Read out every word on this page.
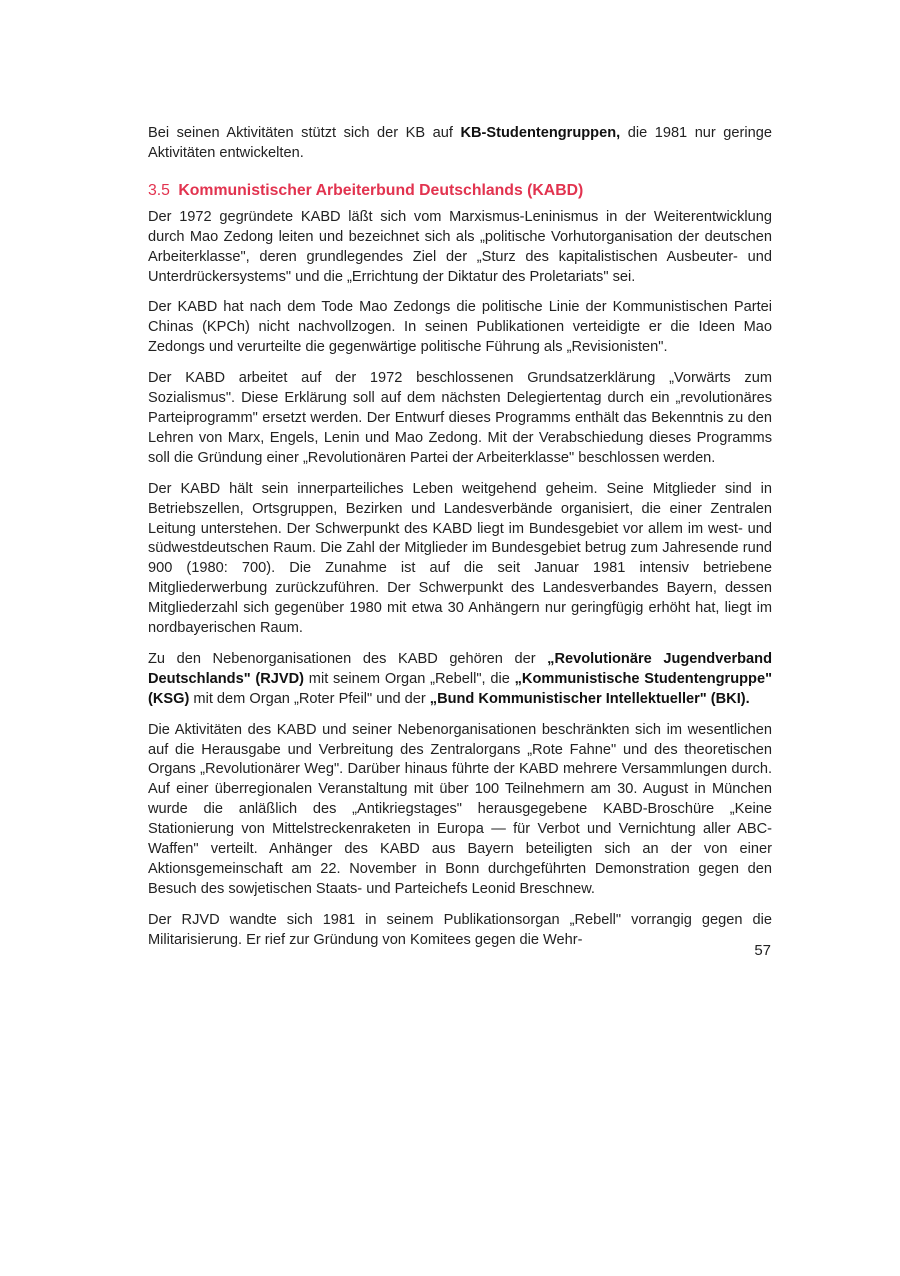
Bei seinen Aktivitäten stützt sich der KB auf KB-Studentengruppen, die 1981 nur geringe Aktivitäten entwickelten.

3.5 Kommunistischer Arbeiterbund Deutschlands (KABD)

Der 1972 gegründete KABD läßt sich vom Marxismus-Leninismus in der Weiterentwicklung durch Mao Zedong leiten und bezeichnet sich als „politische Vorhutorganisation der deutschen Arbeiterklasse", deren grundlegendes Ziel der „Sturz des kapitalistischen Ausbeuter- und Unterdrückersystems" und die „Errichtung der Diktatur des Proletariats" sei.

Der KABD hat nach dem Tode Mao Zedongs die politische Linie der Kommunistischen Partei Chinas (KPCh) nicht nachvollzogen. In seinen Publikationen verteidigte er die Ideen Mao Zedongs und verurteilte die gegenwärtige politische Führung als „Revisionisten".

Der KABD arbeitet auf der 1972 beschlossenen Grundsatzerklärung „Vorwärts zum Sozialismus". Diese Erklärung soll auf dem nächsten Delegiertentag durch ein „revolutionäres Parteiprogramm" ersetzt werden. Der Entwurf dieses Programms enthält das Bekenntnis zu den Lehren von Marx, Engels, Lenin und Mao Zedong. Mit der Verabschiedung dieses Programms soll die Gründung einer „Revolutionären Partei der Arbeiterklasse" beschlossen werden.

Der KABD hält sein innerparteiliches Leben weitgehend geheim. Seine Mitglieder sind in Betriebszellen, Ortsgruppen, Bezirken und Landesverbände organisiert, die einer Zentralen Leitung unterstehen. Der Schwerpunkt des KABD liegt im Bundesgebiet vor allem im west- und südwestdeutschen Raum. Die Zahl der Mitglieder im Bundesgebiet betrug zum Jahresende rund 900 (1980: 700). Die Zunahme ist auf die seit Januar 1981 intensiv betriebene Mitgliederwerbung zurückzuführen. Der Schwerpunkt des Landesverbandes Bayern, dessen Mitgliederzahl sich gegenüber 1980 mit etwa 30 Anhängern nur geringfügig erhöht hat, liegt im nordbayerischen Raum.

Zu den Nebenorganisationen des KABD gehören der „Revolutionäre Jugendverband Deutschlands" (RJVD) mit seinem Organ „Rebell", die „Kommunistische Studentengruppe" (KSG) mit dem Organ „Roter Pfeil" und der „Bund Kommunistischer Intellektueller" (BKI).

Die Aktivitäten des KABD und seiner Nebenorganisationen beschränkten sich im wesentlichen auf die Herausgabe und Verbreitung des Zentralorgans „Rote Fahne" und des theoretischen Organs „Revolutionärer Weg". Darüber hinaus führte der KABD mehrere Versammlungen durch. Auf einer überregionalen Veranstaltung mit über 100 Teilnehmern am 30. August in München wurde die anläßlich des „Antikriegstages" herausgegebene KABD-Broschüre „Keine Stationierung von Mittelstreckenraketen in Europa — für Verbot und Vernichtung aller ABC-Waffen" verteilt. Anhänger des KABD aus Bayern beteiligten sich an der von einer Aktionsgemeinschaft am 22. November in Bonn durchgeführten Demonstration gegen den Besuch des sowjetischen Staats- und Parteichefs Leonid Breschnew.

Der RJVD wandte sich 1981 in seinem Publikationsorgan „Rebell" vorrangig gegen die Militarisierung. Er rief zur Gründung von Komitees gegen die Wehr-

57
